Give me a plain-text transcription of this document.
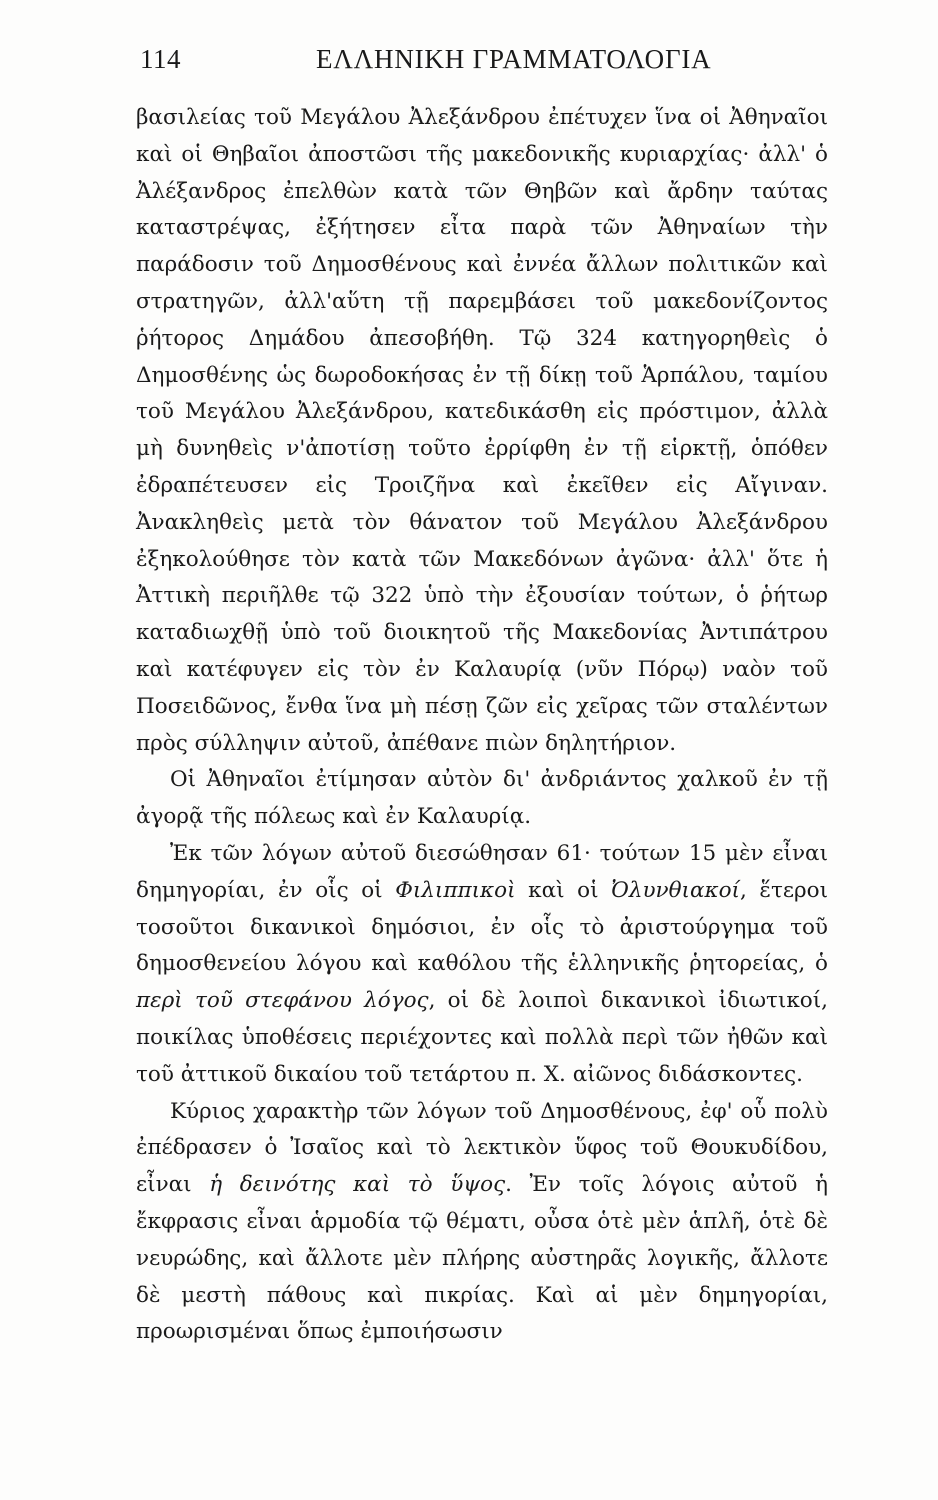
114	ΕΛΛΗΝΙΚΗ ΓΡΑΜΜΑΤΟΛΟΓΙΑ

βασιλείας τοῦ Μεγάλου Ἀλεξάνδρου ἐπέτυχεν ἵνα οἱ Ἀθηναῖοι καὶ οἱ Θηβαῖοι ἀποστῶσι τῆς μακεδονικῆς κυριαρχίας· ἀλλ' ὁ Ἀλέξανδρος ἐπελθὼν κατὰ τῶν Θηβῶν καὶ ἄρδην ταύτας καταστρέψας, ἐξήτησεν εἶτα παρὰ τῶν Ἀθηναίων τὴν παράδοσιν τοῦ Δημοσθένους καὶ ἐννέα ἄλλων πολιτικῶν καὶ στρατηγῶν, ἀλλ'αὕτη τῇ παρεμβάσει τοῦ μακεδονίζοντος ῥήτορος Δημάδου ἀπεσοβήθη. Τῷ 324 κατηγορηθεὶς ὁ Δημοσθένης ὡς δωροδοκήσας ἐν τῇ δίκῃ τοῦ Ἁρπάλου, ταμίου τοῦ Μεγάλου Ἀλεξάνδρου, κατεδικάσθη εἰς πρόστιμον, ἀλλὰ μὴ δυνηθεὶς ν'ἀποτίσῃ τοῦτο ἐρρίφθη ἐν τῇ εἱρκτῇ, ὁπόθεν ἐδραπέτευσεν εἰς Τροιζῆνα καὶ ἐκεῖθεν εἰς Αἴγιναν. Ἀνακληθεὶς μετὰ τὸν θάνατον τοῦ Μεγάλου Ἀλεξάνδρου ἐξηκολούθησε τὸν κατὰ τῶν Μακεδόνων ἀγῶνα· ἀλλ' ὅτε ἡ Ἀττικὴ περιῆλθε τῷ 322 ὑπὸ τὴν ἐξουσίαν τούτων, ὁ ῥήτωρ καταδιωχθῇ ὑπὸ τοῦ διοικητοῦ τῆς Μακεδονίας Ἀντιπάτρου καὶ κατέφυγεν εἰς τὸν ἐν Καλαυρίᾳ (νῦν Πόρῳ) ναὸν τοῦ Ποσειδῶνος, ἔνθα ἵνα μὴ πέσῃ ζῶν εἰς χεῖρας τῶν σταλέντων πρὸς σύλληψιν αὐτοῦ, ἀπέθανε πιὼν δηλητήριον.

Οἱ Ἀθηναῖοι ἐτίμησαν αὐτὸν δι' ἀνδριάντος χαλκοῦ ἐν τῇ ἀγορᾷ τῆς πόλεως καὶ ἐν Καλαυρίᾳ.

Ἐκ τῶν λόγων αὐτοῦ διεσώθησαν 61· τούτων 15 μὲν εἶναι δημηγορίαι, ἐν οἷς οἱ Φιλιππικοὶ καὶ οἱ Ὀλυνθιακοί, ἕτεροι τοσοῦτοι δικανικοὶ δημόσιοι, ἐν οἷς τὸ ἀριστούργημα τοῦ δημοσθενείου λόγου καὶ καθόλου τῆς ἑλληνικῆς ῥητορείας, ὁ περὶ τοῦ στεφάνου λόγος, οἱ δὲ λοιποὶ δικανικοὶ ἰδιωτικοί, ποικίλας ὑποθέσεις περιέχοντες καὶ πολλὰ περὶ τῶν ἠθῶν καὶ τοῦ ἀττικοῦ δικαίου τοῦ τετάρτου π. Χ. αἰῶνος διδάσκοντες.

Κύριος χαρακτὴρ τῶν λόγων τοῦ Δημοσθένους, ἐφ' οὗ πολὺ ἐπέδρασεν ὁ Ἰσαῖος καὶ τὸ λεκτικὸν ὕφος τοῦ Θουκυδίδου, εἶναι ἡ δεινότης καὶ τὸ ὕψος. Ἐν τοῖς λόγοις αὐτοῦ ἡ ἔκφρασις εἶναι ἁρμοδία τῷ θέματι, οὖσα ὁτὲ μὲν ἁπλῆ, ὁτὲ δὲ νευρώδης, καὶ ἄλλοτε μὲν πλήρης αὐστηρᾶς λογικῆς, ἄλλοτε δὲ μεστὴ πάθους καὶ πικρίας. Καὶ αἱ μὲν δημηγορίαι, προωρισμέναι ὅπως ἐμποιήσωσιν
